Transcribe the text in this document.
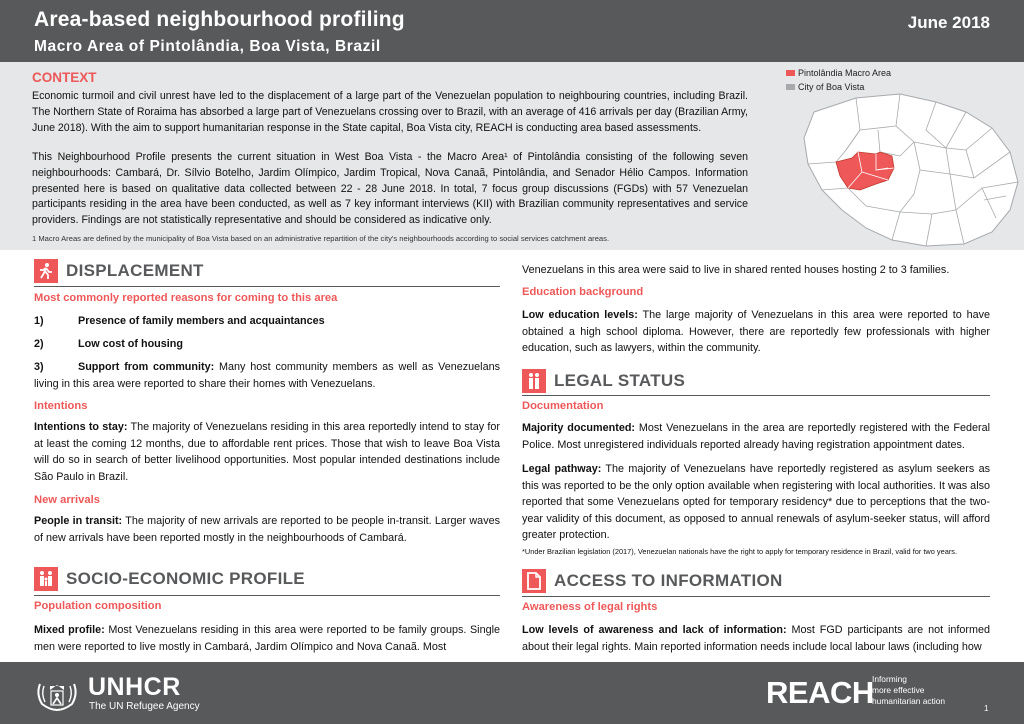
Area-based neighbourhood profiling
Macro Area of Pintolândia, Boa Vista, Brazil
June 2018
CONTEXT

Economic turmoil and civil unrest have led to the displacement of a large part of the Venezuelan population to neighbouring countries, including Brazil. The Northern State of Roraima has absorbed a large part of Venezuelans crossing over to Brazil, with an average of 416 arrivals per day (Brazilian Army, June 2018). With the aim to support humanitarian response in the State capital, Boa Vista city, REACH is conducting area based assessments.

This Neighbourhood Profile presents the current situation in West Boa Vista - the Macro Area¹ of Pintolândia consisting of the following seven neighbourhoods: Cambará, Dr. Sílvio Botelho, Jardim Olímpico, Jardim Tropical, Nova Canaã, Pintolândia, and Senador Hélio Campos. Information presented here is based on qualitative data collected between 22 - 28 June 2018. In total, 7 focus group discussions (FGDs) with 57 Venezuelan participants residing in the area have been conducted, as well as 7 key informant interviews (KII) with Brazilian community representatives and service providers. Findings are not statistically representative and should be considered as indicative only.

1 Macro Areas are defined by the municipality of Boa Vista based on an administrative repartition of the city's neighbourhoods according to social services catchment areas.
Pintolândia Macro Area
City of Boa Vista
DISPLACEMENT
Most commonly reported reasons for coming to this area
1)	Presence of family members and acquaintances
2)	Low cost of housing

3)	Support from community: Many host community members as well as Venezuelans living in this area were reported to share their homes with Venezuelans.

Intentions

Intentions to stay: The majority of Venezuelans residing in this area reportedly intend to stay for at least the coming 12 months, due to affordable rent prices. Those that wish to leave Boa Vista will do so in search of better livelihood opportunities. Most popular intended destinations include São Paulo in Brazil.

New arrivals

People in transit: The majority of new arrivals are reported to be people in-transit. Larger waves of new arrivals have been reported mostly in the neighbourhoods of Cambará.

SOCIO-ECONOMIC PROFILE
Population composition

Mixed profile: Most Venezuelans residing in this area were reported to be family groups. Single men were reported to live mostly in Cambará, Jardim Olímpico and Nova Canaã. Most

Venezuelans in this area were said to live in shared rented houses hosting 2 to 3 families.

Education background

Low education levels: The large majority of Venezuelans in this area were reported to have obtained a high school diploma. However, there are reportedly few professionals with higher education, such as lawyers, within the community.

LEGAL STATUS
Documentation

Majority documented: Most Venezuelans in the area are reportedly registered with the Federal Police. Most unregistered individuals reported already having registration appointment dates.

Legal pathway: The majority of Venezuelans have reportedly registered as asylum seekers as this was reported to be the only option available when registering with local authorities. It was also reported that some Venezuelans opted for temporary residency* due to perceptions that the two-year validity of this document, as opposed to annual renewals of asylum-seeker status, will afford greater protection.

*Under Brazilian legislation (2017), Venezuelan nationals have the right to apply for temporary residence in Brazil, valid for two years.
ACCESS TO INFORMATION
Awareness of legal rights

Low levels of awareness and lack of information: Most FGD participants are not informed about their legal rights. Main reported information needs include local labour laws (including how

UNHCR
The UN Refugee Agency	REACH
Informing
more effective
humanitarian action
1
